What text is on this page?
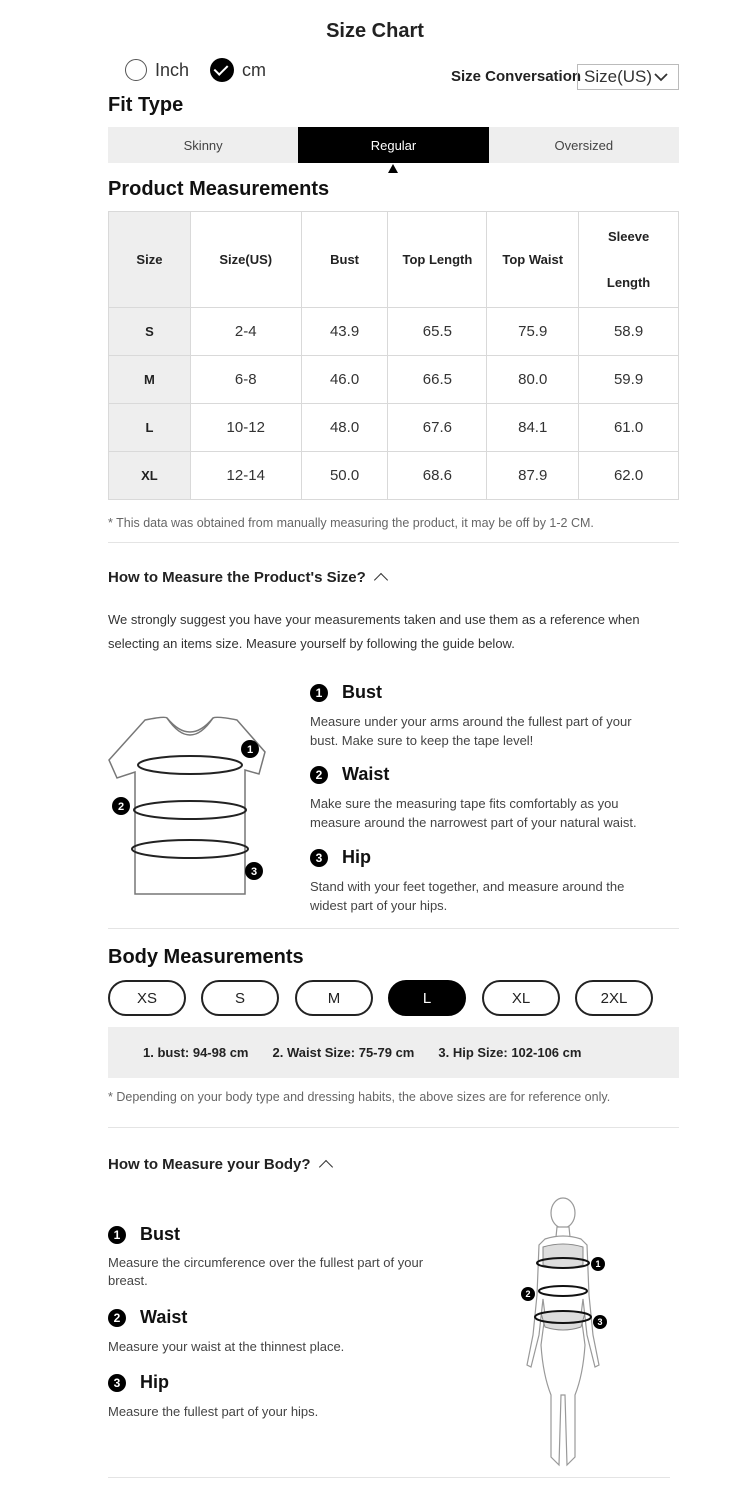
Size Chart
Inch	cm	Size Conversation Size(US)
Fit Type
Skinny	Regular	Oversized
Product Measurements
Size	Size(US)	Bust	Top Length	Top Waist	Sleeve
Length
S	2-4	43.9	65.5	75.9	58.9
M	6-8	46.0	66.5	80.0	59.9
L	10-12	48.0	67.6	84.1	61.0
XL	12-14	50.0	68.6	87.9	62.0
* This data was obtained from manually measuring the product, it may be off by 1-2 CM.
How to Measure the Product's Size?
We strongly suggest you have your measurements taken and use them as a reference when
selecting an items size. Measure yourself by following the guide below.
1
2
3
1	Bust
Measure under your arms around the fullest part of your
bust. Make sure to keep the tape level!
2	Waist
Make sure the measuring tape fits comfortably as you
measure around the narrowest part of your natural waist.
3	Hip
Stand with your feet together, and measure around the
widest part of your hips.
Body Measurements
XS	S	M	L	XL	2XL
1. bust: 94-98 cm 2. Waist Size: 75-79 cm 3. Hip Size: 102-106 cm
* Depending on your body type and dressing habits, the above sizes are for reference only.
How to Measure your Body?
1	Bust
Measure the circumference over the fullest part of your
breast.
2	Waist
Measure your waist at the thinnest place.
3	Hip
Measure the fullest part of your hips.
1
2
3
